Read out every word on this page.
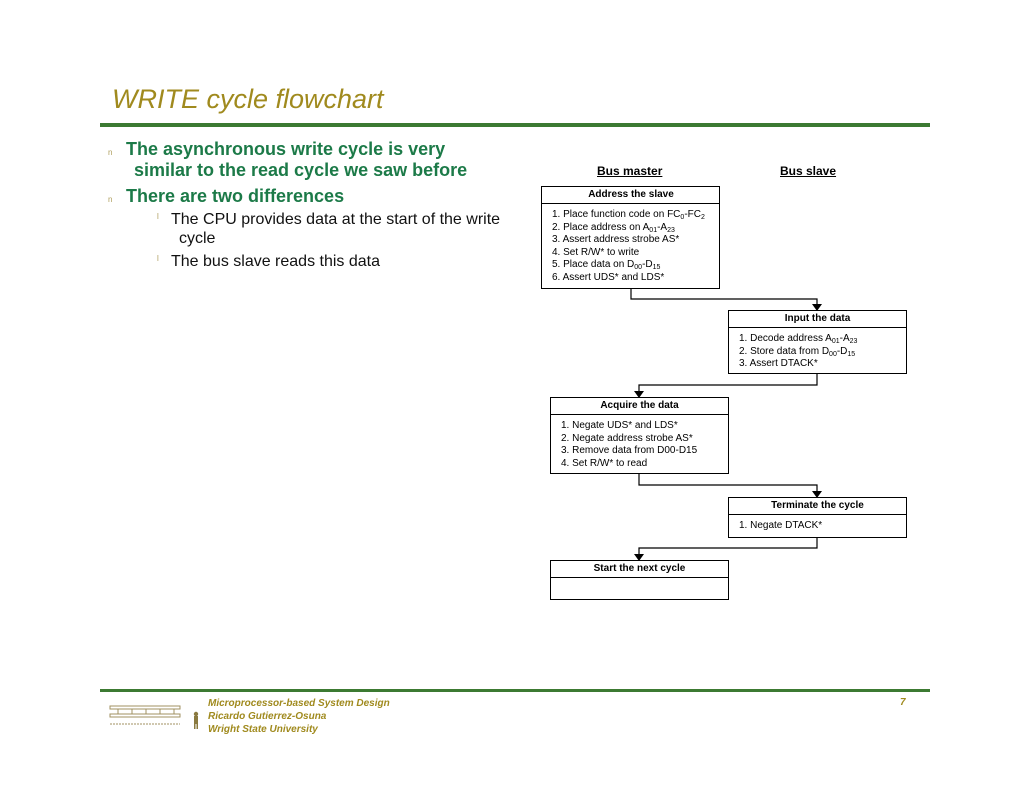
WRITE cycle flowchart
n The asynchronous write cycle is very
similar to the read cycle we saw before
n There are two differences
l The CPU provides data at the start of the write
cycle
l The bus slave reads this data
Bus master	Bus slave
Address the slave
1. Place function code on $FC_0-FC_2$
2. Place address on $A_{01}-A_{23}$
3. Assert address strobe AS*
4. Set R/W* to write
5. Place data on $D_{00}-D_{15}$
6. Assert UDS* and LDS*
Input the data
1. Decode address $A_{01}-A_{23}$
2. Store data from $D_{00}-D_{15}$
3. Assert DTACK*
Acquire the data
1. Negate UDS* and LDS*
2. Negate address strobe AS*
3. Remove data from D00-D15
4. Set R/W* to read
Terminate the cycle
1. Negate DTACK*
Start the next cycle
Microprocessor-based System Design
Ricardo Gutierrez-Osuna
Wright State University
7
